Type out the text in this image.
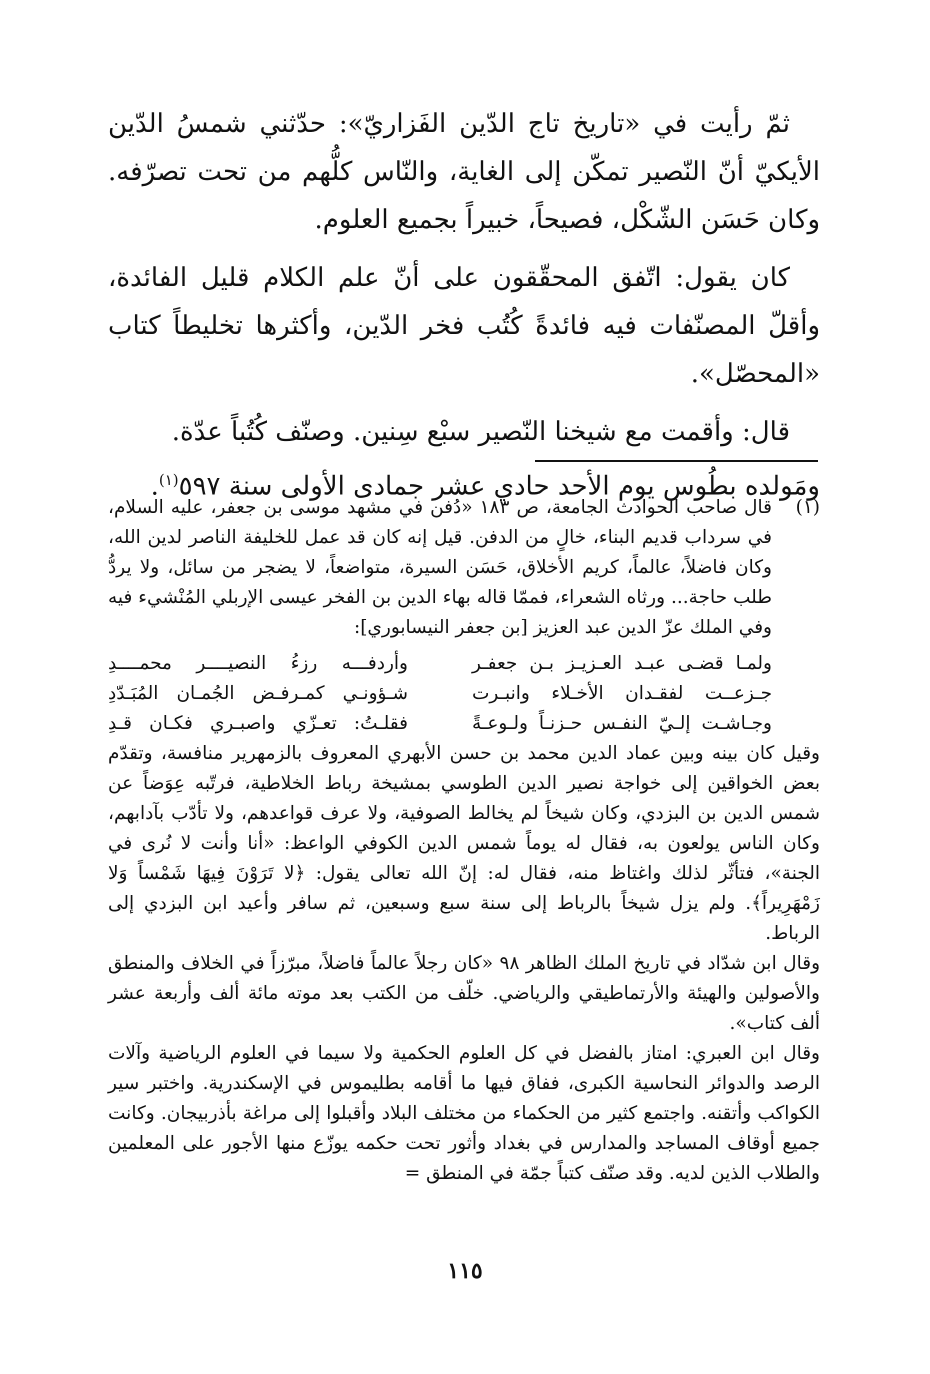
ثمّ رأيت في «تاريخ تاج الدّين الفَزاريّ»: حدّثني شمسُ الدّين الأيكيّ أنّ النّصير تمكّن إلى الغاية، والنّاس كلُّهم من تحت تصرّفه. وكان حَسَن الشّكْل، فصيحاً، خبيراً بجميع العلوم.

كان يقول: اتّفق المحقّقون على أنّ علم الكلام قليل الفائدة، وأقلّ المصنّفات فيه فائدةً كُتُب فخر الدّين، وأكثرها تخليطاً كتاب «المحصّل».

قال: وأقمت مع شيخنا النّصير سبْع سِنين. وصنّف كُتُباً عدّة.

ومَولده بطُوس يوم الأحد حادي عشر جمادى الأولى سنة ٥٩٧$^{(١)}$.

(١)
قال صاحب الحوادث الجامعة، ص ١٨٣ «دُفن في مشهد موسى بن جعفر، عليه السلام، في سرداب قديم البناء، خالٍ من الدفن. قيل إنه كان قد عمل للخليفة الناصر لدين الله، وكان فاضلاً، عالماً، كريم الأخلاق، حَسَن السيرة، متواضعاً، لا يضجر من سائل، ولا يردُّ طلب حاجة... ورثاه الشعراء، فممّا قاله بهاء الدين بن الفخر عيسى الإربلي المُنْشيء فيه وفي الملك عزّ الدين عبد العزيز [بن جعفر النيسابوري]:
ولمـا قضـى عبـد العـزيـز بـن جعفـر
وأردفـــه رزءُ النصيــــر محمــــدِ
جـزعــت لفقـدان الأخـلاء وانبـرت
شـؤونـي كمـرفـض الجُمـان المُبَـدّدِ
وجـاشـت إلـيّ النفـس حـزنـاً ولـوعـةً
فقلـتُ: تعـزّي واصبـري فكـان قـدِ

وقيل كان بينه وبين عماد الدين محمد بن حسن الأبهري المعروف بالزمهرير منافسة، وتقدّم بعض الخواقين إلى خواجة نصير الدين الطوسي بمشيخة رباط الخلاطية، فرتّبه عِوَضاً عن شمس الدين بن البزدي، وكان شيخاً لم يخالط الصوفية، ولا عرف قواعدهم، ولا تأدّب بآدابهم، وكان الناس يولعون به، فقال له يوماً شمس الدين الكوفي الواعظ: «أنا وأنت لا نُرى في الجنة»، فتأثّر لذلك واغتاظ منه، فقال له: إنّ الله تعالى يقول: ﴿لا تَرَوْنَ فِيهَا شَمْساً وَلا زَمْهَرِيراً﴾. ولم يزل شيخاً بالرباط إلى سنة سبع وسبعين، ثم سافر وأعيد ابن البزدي إلى الرباط.

وقال ابن شدّاد في تاريخ الملك الظاهر ٩٨ «كان رجلاً عالماً فاضلاً، مبرّزاً في الخلاف والمنطق والأصولين والهيئة والأرتماطيقي والرياضي. خلّف من الكتب بعد موته مائة ألف وأربعة عشر ألف كتاب».

وقال ابن العبري: امتاز بالفضل في كل العلوم الحكمية ولا سيما في العلوم الرياضية وآلات الرصد والدوائر النحاسية الكبرى، ففاق فيها ما أقامه بطليموس في الإسكندرية. واختبر سير الكواكب وأتقنه. واجتمع كثير من الحكماء من مختلف البلاد وأقبلوا إلى مراغة بأذربيجان. وكانت جميع أوقاف المساجد والمدارس في بغداد وأثور تحت حكمه يوزّع منها الأجور على المعلمين والطلاب الذين لديه. وقد صنّف كتباً جمّة في المنطق =

١١٥
